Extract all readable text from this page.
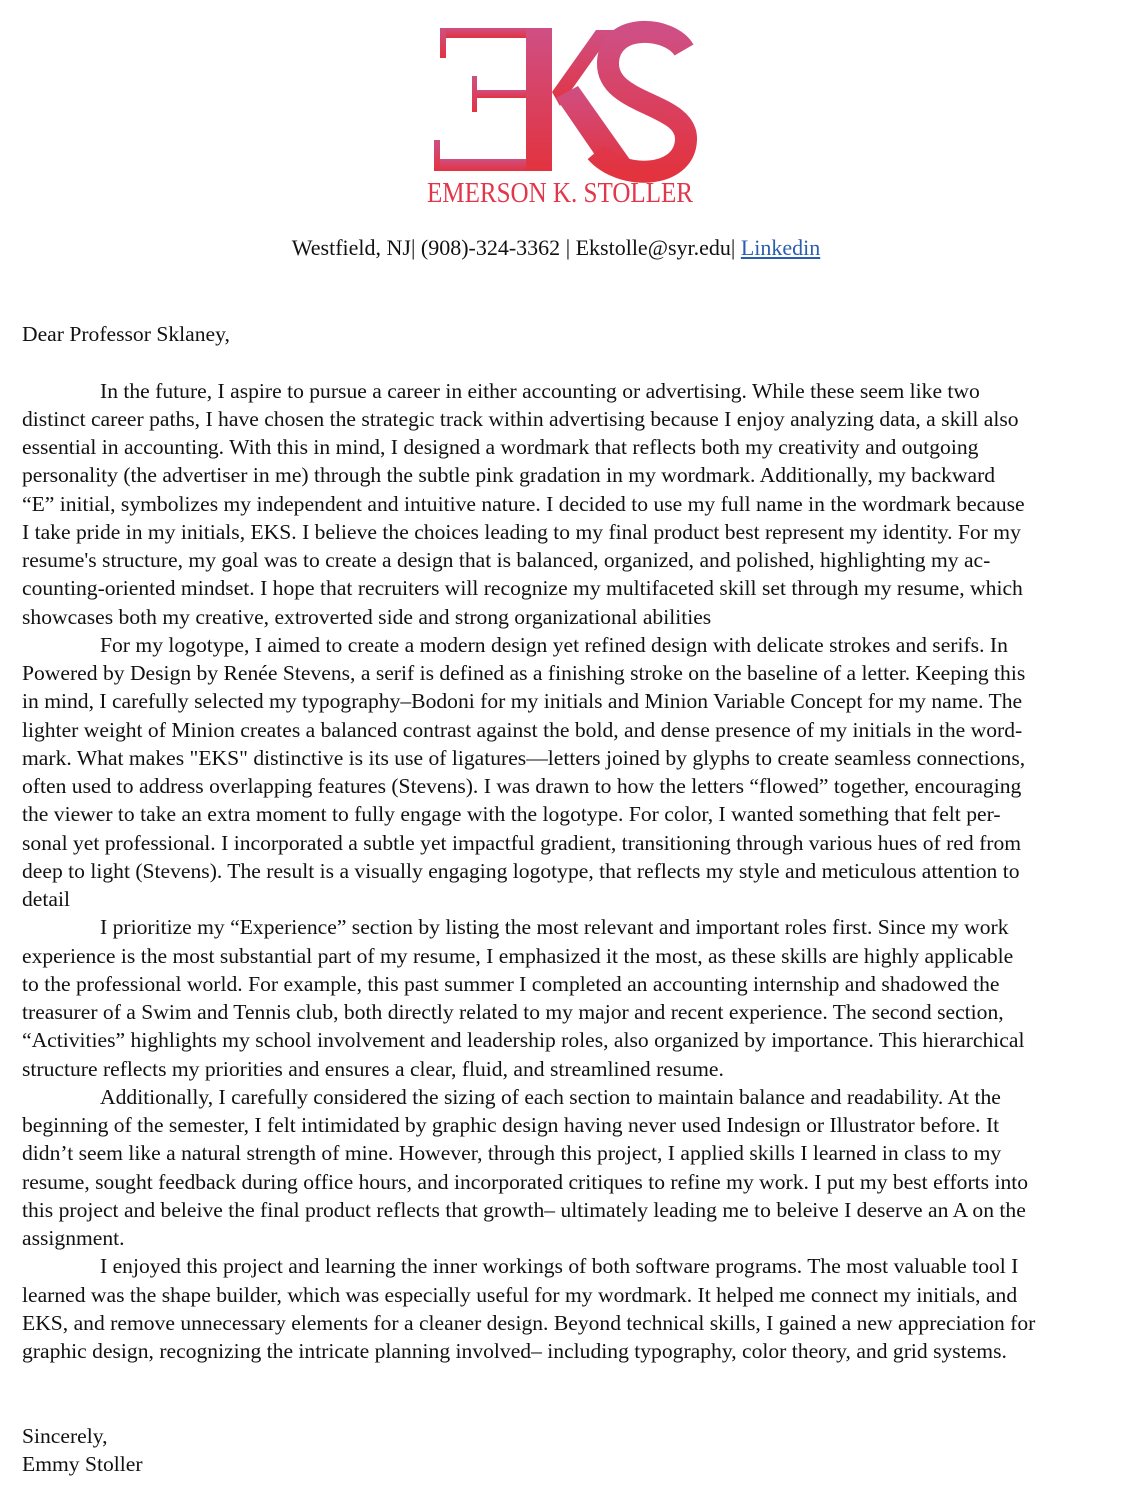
EMERSON K. STOLLER
Westfield, NJ| (908)-324-3362 | Ekstolle@syr.edu| Linkedin
Dear Professor Sklaney,
In the future, I aspire to pursue a career in either accounting or advertising. While these seem like two
distinct career paths, I have chosen the strategic track within advertising because I enjoy analyzing data, a skill also
essential in accounting. With this in mind, I designed a wordmark that reflects both my creativity and outgoing
personality (the advertiser in me) through the subtle pink gradation in my wordmark. Additionally, my backward
“E” initial, symbolizes my independent and intuitive nature. I decided to use my full name in the wordmark because
I take pride in my initials, EKS. I believe the choices leading to my final product best represent my identity. For my
resume's structure, my goal was to create a design that is balanced, organized, and polished, highlighting my ac-
counting-oriented mindset. I hope that recruiters will recognize my multifaceted skill set through my resume, which
showcases both my creative, extroverted side and strong organizational abilities
For my logotype, I aimed to create a modern design yet refined design with delicate strokes and serifs. In
Powered by Design by Renée Stevens, a serif is defined as a finishing stroke on the baseline of a letter. Keeping this
in mind, I carefully selected my typography–Bodoni for my initials and Minion Variable Concept for my name. The
lighter weight of Minion creates a balanced contrast against the bold, and dense presence of my initials in the word-
mark. What makes "EKS" distinctive is its use of ligatures—letters joined by glyphs to create seamless connections,
often used to address overlapping features (Stevens). I was drawn to how the letters “flowed” together, encouraging
the viewer to take an extra moment to fully engage with the logotype. For color, I wanted something that felt per-
sonal yet professional. I incorporated a subtle yet impactful gradient, transitioning through various hues of red from
deep to light (Stevens). The result is a visually engaging logotype, that reflects my style and meticulous attention to
detail
I prioritize my “Experience” section by listing the most relevant and important roles first. Since my work
experience is the most substantial part of my resume, I emphasized it the most, as these skills are highly applicable
to the professional world. For example, this past summer I completed an accounting internship and shadowed the
treasurer of a Swim and Tennis club, both directly related to my major and recent experience. The second section,
“Activities” highlights my school involvement and leadership roles, also organized by importance. This hierarchical
structure reflects my priorities and ensures a clear, fluid, and streamlined resume.
Additionally, I carefully considered the sizing of each section to maintain balance and readability. At the
beginning of the semester, I felt intimidated by graphic design having never used Indesign or Illustrator before. It
didn’t seem like a natural strength of mine. However, through this project, I applied skills I learned in class to my
resume, sought feedback during office hours, and incorporated critiques to refine my work. I put my best efforts into
this project and beleive the final product reflects that growth– ultimately leading me to beleive I deserve an A on the
assignment.
I enjoyed this project and learning the inner workings of both software programs. The most valuable tool I
learned was the shape builder, which was especially useful for my wordmark. It helped me connect my initials, and
EKS, and remove unnecessary elements for a cleaner design. Beyond technical skills, I gained a new appreciation for
graphic design, recognizing the intricate planning involved– including typography, color theory, and grid systems.
Sincerely,
Emmy Stoller
